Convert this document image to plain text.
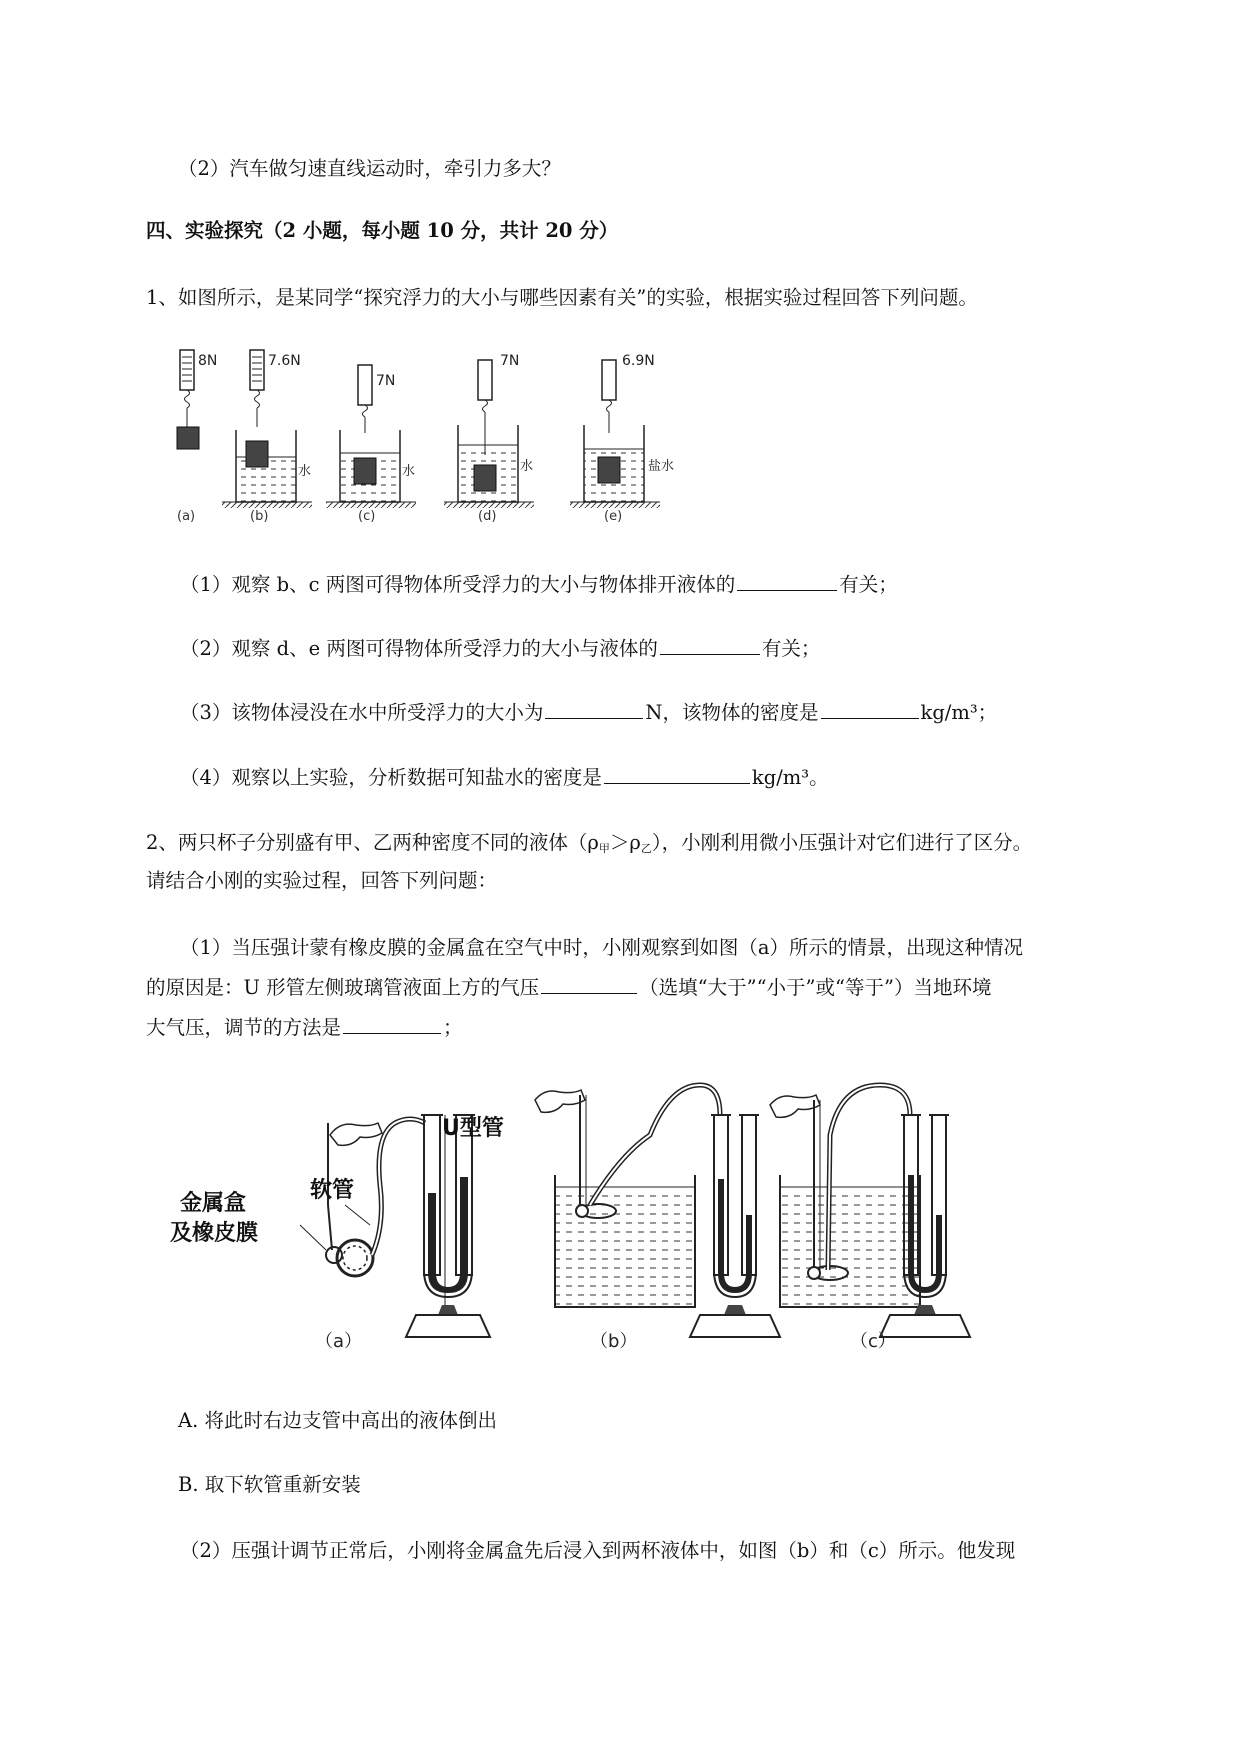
（2）汽车做匀速直线运动时，牵引力多大？
四、实验探究（2 小题，每小题 10 分，共计 20 分）
1、如图所示，是某同学“探究浮力的大小与哪些因素有关”的实验，根据实验过程回答下列问题。
8N
(a)
7.6N
水
(b)
7N
水
(c)
7N
水
(d)
6.9N
盐水
(e)
（1）观察 b、c 两图可得物体所受浮力的大小与物体排开液体的	有关；
（2）观察 d、e 两图可得物体所受浮力的大小与液体的	有关；
（3）该物体浸没在水中所受浮力的大小为	N，该物体的密度是	kg/m³；
（4）观察以上实验，分析数据可知盐水的密度是	kg/m³。
2、两只杯子分别盛有甲、乙两种密度不同的液体$(\rho_甲>\rho_乙)$，小刚利用微小压强计对它们进行了区分。
请结合小刚的实验过程，回答下列问题：
（1）当压强计蒙有橡皮膜的金属盒在空气中时，小刚观察到如图（a）所示的情景，出现这种情况
的原因是：U 形管左侧玻璃管液面上方的气压	（选填“大于”“小于”或“等于”）当地环境
大气压，调节的方法是	；
U型管
软管
金属盒
及橡皮膜
（a）	（b）	（c）
A. 将此时右边支管中高出的液体倒出
B. 取下软管重新安装
（2）压强计调节正常后，小刚将金属盒先后浸入到两杯液体中，如图（b）和（c）所示。他发现
